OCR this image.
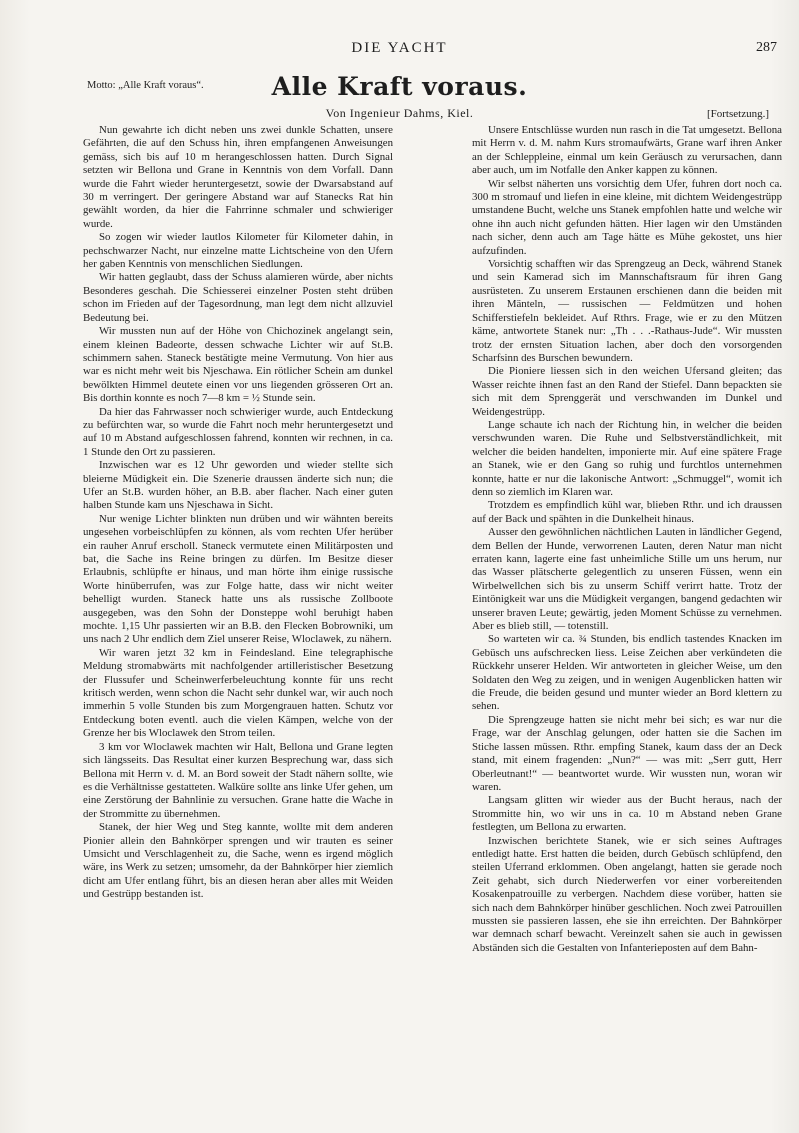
DIE YACHT	287
Motto: „Alle Kraft voraus“.	Alle Kraft voraus.
Von Ingenieur Dahms, Kiel.	[Fortsetzung.]

Nun gewahrte ich dicht neben uns zwei dunkle Schatten, unsere Gefährten, die auf den Schuss hin, ihren empfangenen Anweisungen gemäss, sich bis auf 10 m herangeschlossen hatten. Durch Signal setzten wir Bellona und Grane in Kenntnis von dem Vorfall. Dann wurde die Fahrt wieder heruntergesetzt, sowie der Dwarsabstand auf 30 m verringert. Der geringere Abstand war auf Stanecks Rat hin gewählt worden, da hier die Fahrrinne schmaler und schwieriger wurde.

So zogen wir wieder lautlos Kilometer für Kilometer dahin, in pechschwarzer Nacht, nur einzelne matte Lichtscheine von den Ufern her gaben Kenntnis von menschlichen Siedlungen.

Wir hatten geglaubt, dass der Schuss alamieren würde, aber nichts Besonderes geschah. Die Schiesserei einzelner Posten steht drüben schon im Frieden auf der Tagesordnung, man legt dem nicht allzuviel Bedeutung bei.

Wir mussten nun auf der Höhe von Chichozinek angelangt sein, einem kleinen Badeorte, dessen schwache Lichter wir auf St.B. schimmern sahen. Staneck bestätigte meine Vermutung. Von hier aus war es nicht mehr weit bis Njeschawa. Ein rötlicher Schein am dunkel bewölkten Himmel deutete einen vor uns liegenden grösseren Ort an. Bis dorthin konnte es noch 7—8 km = ½ Stunde sein.

Da hier das Fahrwasser noch schwieriger wurde, auch Entdeckung zu befürchten war, so wurde die Fahrt noch mehr heruntergesetzt und auf 10 m Abstand aufgeschlossen fahrend, konnten wir rechnen, in ca. 1 Stunde den Ort zu passieren.

Inzwischen war es 12 Uhr geworden und wieder stellte sich bleierne Müdigkeit ein. Die Szenerie draussen änderte sich nun; die Ufer an St.B. wurden höher, an B.B. aber flacher. Nach einer guten halben Stunde kam uns Njeschawa in Sicht.

Nur wenige Lichter blinkten nun drüben und wir wähnten bereits ungesehen vorbeischlüpfen zu können, als vom rechten Ufer herüber ein rauher Anruf erscholl. Staneck vermutete einen Militärposten und bat, die Sache ins Reine bringen zu dürfen. Im Besitze dieser Erlaubnis, schlüpfte er hinaus, und man hörte ihm einige russische Worte hinüberrufen, was zur Folge hatte, dass wir nicht weiter behelligt wurden. Staneck hatte uns als russische Zollboote ausgegeben, was den Sohn der Donsteppe wohl beruhigt haben mochte. 1,15 Uhr passierten wir an B.B. den Flecken Bobrowniki, um uns nach 2 Uhr endlich dem Ziel unserer Reise, Wloclawek, zu nähern.

Wir waren jetzt 32 km in Feindesland. Eine telegraphische Meldung stromabwärts mit nachfolgender artilleristischer Besetzung der Flussufer und Scheinwerferbeleuchtung konnte für uns recht kritisch werden, wenn schon die Nacht sehr dunkel war, wir auch noch immerhin 5 volle Stunden bis zum Morgengrauen hatten. Schutz vor Entdeckung boten eventl. auch die vielen Kämpen, welche von der Grenze her bis Wloclawek den Strom teilen.

3 km vor Wloclawek machten wir Halt, Bellona und Grane legten sich längsseits. Das Resultat einer kurzen Besprechung war, dass sich Bellona mit Herrn v. d. M. an Bord soweit der Stadt nähern sollte, wie es die Verhältnisse gestatteten. Walküre sollte ans linke Ufer gehen, um eine Zerstörung der Bahnlinie zu versuchen. Grane hatte die Wache in der Strommitte zu übernehmen.

Stanek, der hier Weg und Steg kannte, wollte mit dem anderen Pionier allein den Bahnkörper sprengen und wir trauten es seiner Umsicht und Verschlagenheit zu, die Sache, wenn es irgend möglich wäre, ins Werk zu setzen; umsomehr, da der Bahnkörper hier ziemlich dicht am Ufer entlang führt, bis an diesen heran aber alles mit Weiden und Gestrüpp bestanden ist.

Unsere Entschlüsse wurden nun rasch in die Tat umgesetzt. Bellona mit Herrn v. d. M. nahm Kurs stromaufwärts, Grane warf ihren Anker an der Schleppleine, einmal um kein Geräusch zu verursachen, dann aber auch, um im Notfalle den Anker kappen zu können.

Wir selbst näherten uns vorsichtig dem Ufer, fuhren dort noch ca. 300 m stromauf und liefen in eine kleine, mit dichtem Weidengestrüpp umstandene Bucht, welche uns Stanek empfohlen hatte und welche wir ohne ihn auch nicht gefunden hätten. Hier lagen wir den Umständen nach sicher, denn auch am Tage hätte es Mühe gekostet, uns hier aufzufinden.

Vorsichtig schafften wir das Sprengzeug an Deck, während Stanek und sein Kamerad sich im Mannschaftsraum für ihren Gang ausrüsteten. Zu unserem Erstaunen erschienen dann die beiden mit ihren Mänteln, — russischen — Feldmützen und hohen Schifferstiefeln bekleidet. Auf Rthrs. Frage, wie er zu den Mützen käme, antwortete Stanek nur: „Th . . .-Rathaus-Jude“. Wir mussten trotz der ernsten Situation lachen, aber doch den vorsorgenden Scharfsinn des Burschen bewundern.

Die Pioniere liessen sich in den weichen Ufersand gleiten; das Wasser reichte ihnen fast an den Rand der Stiefel. Dann bepackten sie sich mit dem Sprenggerät und verschwanden im Dunkel und Weidengestrüpp.

Lange schaute ich nach der Richtung hin, in welcher die beiden verschwunden waren. Die Ruhe und Selbstverständlichkeit, mit welcher die beiden handelten, imponierte mir. Auf eine spätere Frage an Stanek, wie er den Gang so ruhig und furchtlos unternehmen konnte, hatte er nur die lakonische Antwort: „Schmuggel“, womit ich denn so ziemlich im Klaren war.

Trotzdem es empfindlich kühl war, blieben Rthr. und ich draussen auf der Back und spähten in die Dunkelheit hinaus.

Ausser den gewöhnlichen nächtlichen Lauten in ländlicher Gegend, dem Bellen der Hunde, verworrenen Lauten, deren Natur man nicht erraten kann, lagerte eine fast unheimliche Stille um uns herum, nur das Wasser plätscherte gelegentlich zu unseren Füssen, wenn ein Wirbelwellchen sich bis zu unserm Schiff verirrt hatte. Trotz der Eintönigkeit war uns die Müdigkeit vergangen, bangend gedachten wir unserer braven Leute; gewärtig, jeden Moment Schüsse zu vernehmen. Aber es blieb still, — totenstill.

So warteten wir ca. ¾ Stunden, bis endlich tastendes Knacken im Gebüsch uns aufschrecken liess. Leise Zeichen aber verkündeten die Rückkehr unserer Helden. Wir antworteten in gleicher Weise, um den Soldaten den Weg zu zeigen, und in wenigen Augenblicken hatten wir die Freude, die beiden gesund und munter wieder an Bord klettern zu sehen.

Die Sprengzeuge hatten sie nicht mehr bei sich; es war nur die Frage, war der Anschlag gelungen, oder hatten sie die Sachen im Stiche lassen müssen. Rthr. empfing Stanek, kaum dass der an Deck stand, mit einem fragenden: „Nun?“ — was mit: „Serr gutt, Herr Oberleutnant!“ — beantwortet wurde. Wir wussten nun, woran wir waren.

Langsam glitten wir wieder aus der Bucht heraus, nach der Strommitte hin, wo wir uns in ca. 10 m Abstand neben Grane festlegten, um Bellona zu erwarten.

Inzwischen berichtete Stanek, wie er sich seines Auftrages entledigt hatte. Erst hatten die beiden, durch Gebüsch schlüpfend, den steilen Uferrand erklommen. Oben angelangt, hatten sie gerade noch Zeit gehabt, sich durch Niederwerfen vor einer vorbereitenden Kosakenpatrouille zu verbergen. Nachdem diese vorüber, hatten sie sich nach dem Bahnkörper hinüber geschlichen. Noch zwei Patrouillen mussten sie passieren lassen, ehe sie ihn erreichten. Der Bahnkörper war demnach scharf bewacht. Vereinzelt sahen sie auch in gewissen Abständen sich die Gestalten von Infanterieposten auf dem Bahn-
